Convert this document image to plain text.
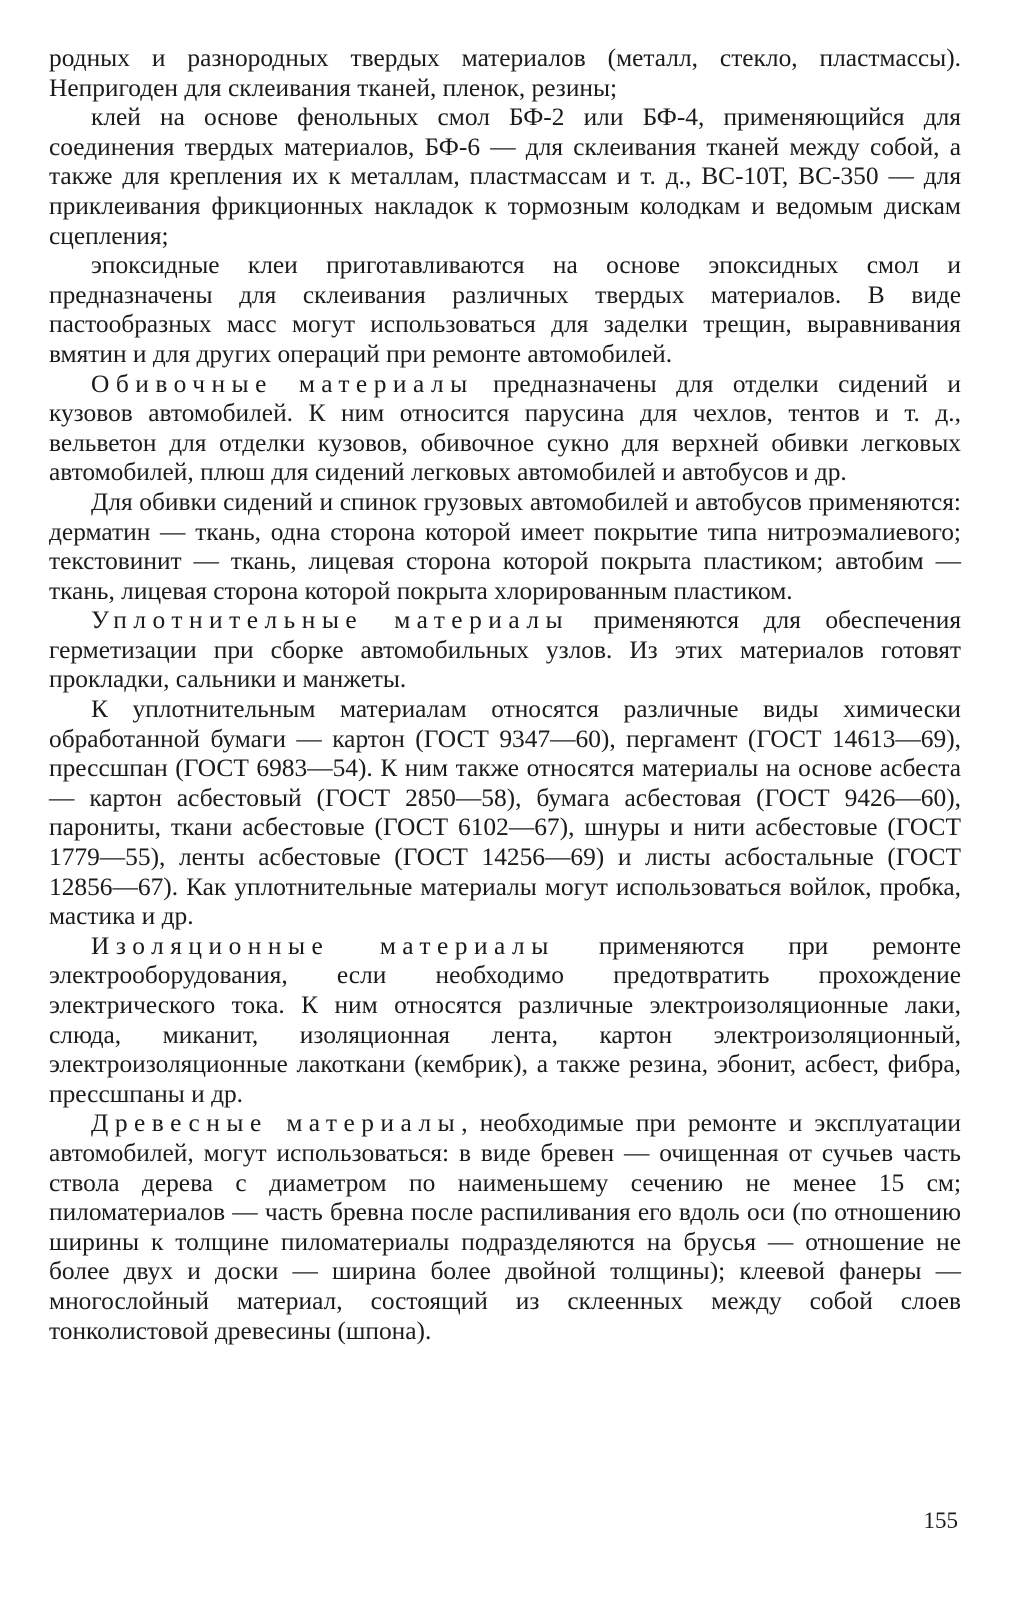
родных и разнородных твердых материалов (металл, стекло, пластмассы). Непригоден для склеивания тканей, пленок, резины;

клей на основе фенольных смол БФ-2 или БФ-4, применяющийся для соединения твердых материалов, БФ-6 — для склеивания тканей между собой, а также для крепления их к металлам, пластмассам и т. д., ВС-10Т, ВС-350 — для приклеивания фрикционных накладок к тормозным колодкам и ведомым дискам сцепления;

эпоксидные клеи приготавливаются на основе эпоксидных смол и предназначены для склеивания различных твердых материалов. В виде пастообразных масс могут использоваться для заделки трещин, выравнивания вмятин и для других операций при ремонте автомобилей.

Обивочные материалы предназначены для отделки сидений и кузовов автомобилей. К ним относится парусина для чехлов, тентов и т. д., вельветон для отделки кузовов, обивочное сукно для верхней обивки легковых автомобилей, плюш для сидений легковых автомобилей и автобусов и др.

Для обивки сидений и спинок грузовых автомобилей и автобусов применяются: дерматин — ткань, одна сторона которой имеет покрытие типа нитроэмалиевого; текстовинит — ткань, лицевая сторона которой покрыта пластиком; автобим — ткань, лицевая сторона которой покрыта хлорированным пластиком.

Уплотнительные материалы применяются для обеспечения герметизации при сборке автомобильных узлов. Из этих материалов готовят прокладки, сальники и манжеты.

К уплотнительным материалам относятся различные виды химически обработанной бумаги — картон (ГОСТ 9347—60), пергамент (ГОСТ 14613—69), прессшпан (ГОСТ 6983—54). К ним также относятся материалы на основе асбеста — картон асбестовый (ГОСТ 2850—58), бумага асбестовая (ГОСТ 9426—60), парониты, ткани асбестовые (ГОСТ 6102—67), шнуры и нити асбестовые (ГОСТ 1779—55), ленты асбестовые (ГОСТ 14256—69) и листы асбостальные (ГОСТ 12856—67). Как уплотнительные материалы могут использоваться войлок, пробка, мастика и др.

Изоляционные материалы применяются при ремонте электрооборудования, если необходимо предотвратить прохождение электрического тока. К ним относятся различные электроизоляционные лаки, слюда, миканит, изоляционная лента, картон электроизоляционный, электроизоляционные лакоткани (кембрик), а также резина, эбонит, асбест, фибра, прессшпаны и др.

Древесные материалы, необходимые при ремонте и эксплуатации автомобилей, могут использоваться: в виде бревен — очищенная от сучьев часть ствола дерева с диаметром по наименьшему сечению не менее 15 см; пиломатериалов — часть бревна после распиливания его вдоль оси (по отношению ширины к толщине пиломатериалы подразделяются на брусья — отношение не более двух и доски — ширина более двойной толщины); клеевой фанеры — многослойный материал, состоящий из склеенных между собой слоев тонколистовой древесины (шпона).

155
